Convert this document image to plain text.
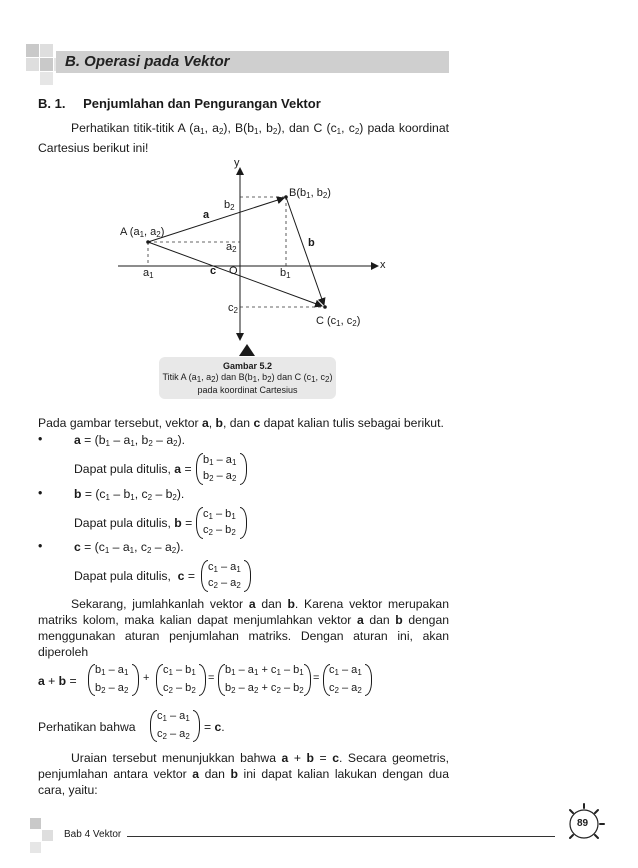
B. Operasi pada Vektor
B. 1. Penjumlahan dan Pengurangan Vektor
Perhatikan titik-titik A ($a_1$, $a_2$), $B(b_1$, $b_2$), dan C ($c_1$, $c_2$) pada koordinat Cartesius berikut ini!
y
x
O
$B(b_1$, $b_2$)
A ($a_1$, $a_2$)
C ($c_1$, $c_2$)
a
b
c
$b_2$
$a_2$
$c_2$
$a_1$	$b_1$
Gambar 5.2
Titik A ($a_1$, $a_2$) dan $B(b_1$, $b_2$) dan C ($c_1$, $c_2$)
pada koordinat Cartesius
Pada gambar tersebut, vektor a, b, dan c dapat kalian tulis sebagai berikut.
•	$a = (b_1 - a_1$, $b_2 - a_2$).
Dapat pula ditulis, a =
$b_1 - a_1$
$b_2 - a_2$
•	$b = (c_1 - b_1$, $c_2 - b_2$).
Dapat pula ditulis, b =
$c_1 - b_1$
$c_2 - b_2$
•	$c = (c_1 - a_1$, $c_2 - a_2$).
Dapat pula ditulis,  c =
$c_1 - a_1$
$c_2 - a_2$
Sekarang, jumlahkanlah vektor a dan b. Karena vektor merupakan matriks kolom, maka kalian dapat menjumlahkan vektor a dan b dengan menggunakan aturan penjumlahan matriks. Dengan aturan ini, akan diperoleh
a + b =
$b_1 - a_1$
$b_2 - a_2$
+
$c_1 - b_1$
$c_2 - b_2$
=
$b_1 - a_1 + c_1 - b_1$
$b_2 - a_2 + c_2 - b_2$
=
$c_1 - a_1$
$c_2 - a_2$
Perhatikan bahwa
$c_1 - a_1$
$c_2 - a_2$
= c.
Uraian tersebut menunjukkan bahwa a + b = c. Secara geometris, penjumlahan antara vektor a dan b ini dapat kalian lakukan dengan dua cara, yaitu:
Bab 4 Vektor
89
